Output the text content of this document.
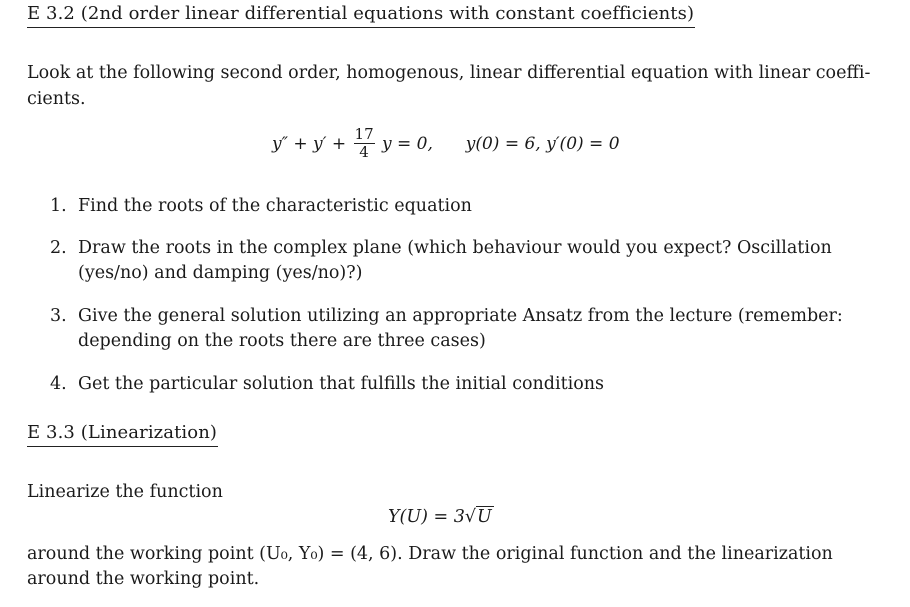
E 3.2 (2nd order linear differential equations with constant coefficients)
Look at the following second order, homogenous, linear differential equation with linear coeffi-
cients.
$y'' + y' + \frac{17}{4}$ y = 0, y(0) = 6, y′(0) = 0
1. Find the roots of the characteristic equation
2. Draw the roots in the complex plane (which behaviour would you expect? Oscillation
(yes/no) and damping (yes/no)?)
3. Give the general solution utilizing an appropriate Ansatz from the lecture (remember:
depending on the roots there are three cases)
4. Get the particular solution that fulfills the initial conditions
E 3.3 (Linearization)
Linearize the function
Y(U) = 3√U
around the working point (U₀, Y₀) = (4, 6). Draw the original function and the linearization
around the working point.
